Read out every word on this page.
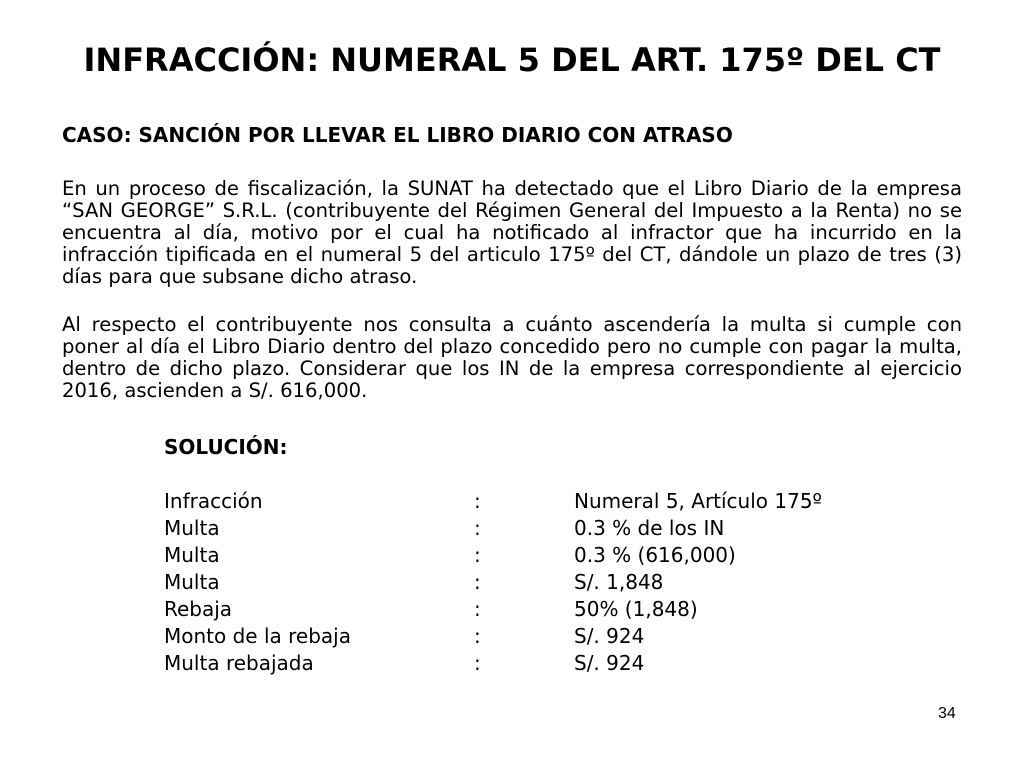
INFRACCIÓN: NUMERAL 5 DEL ART. 175º DEL CT
CASO: SANCIÓN POR LLEVAR EL LIBRO DIARIO CON ATRASO

En un proceso de fiscalización, la SUNAT ha detectado que el Libro Diario de la empresa “SAN GEORGE” S.R.L. (contribuyente del Régimen General del Impuesto a la Renta) no se encuentra al día, motivo por el cual ha notificado al infractor que ha incurrido en la infracción tipificada en el numeral 5 del articulo 175º del CT, dándole un plazo de tres (3) días para que subsane dicho atraso.

Al respecto el contribuyente nos consulta a cuánto ascendería la multa si cumple con poner al día el Libro Diario dentro del plazo concedido pero no cumple con pagar la multa, dentro de dicho plazo. Considerar que los IN de la empresa correspondiente al ejercicio 2016, ascienden a S/. 616,000.

SOLUCIÓN:
Infracción	:	Numeral 5, Artículo 175º
Multa	:	0.3 % de los IN
Multa	:	0.3 % (616,000)
Multa	:	S/. 1,848
Rebaja	:	50% (1,848)
Monto de la rebaja	:	S/. 924
Multa rebajada	:	S/. 924
34
